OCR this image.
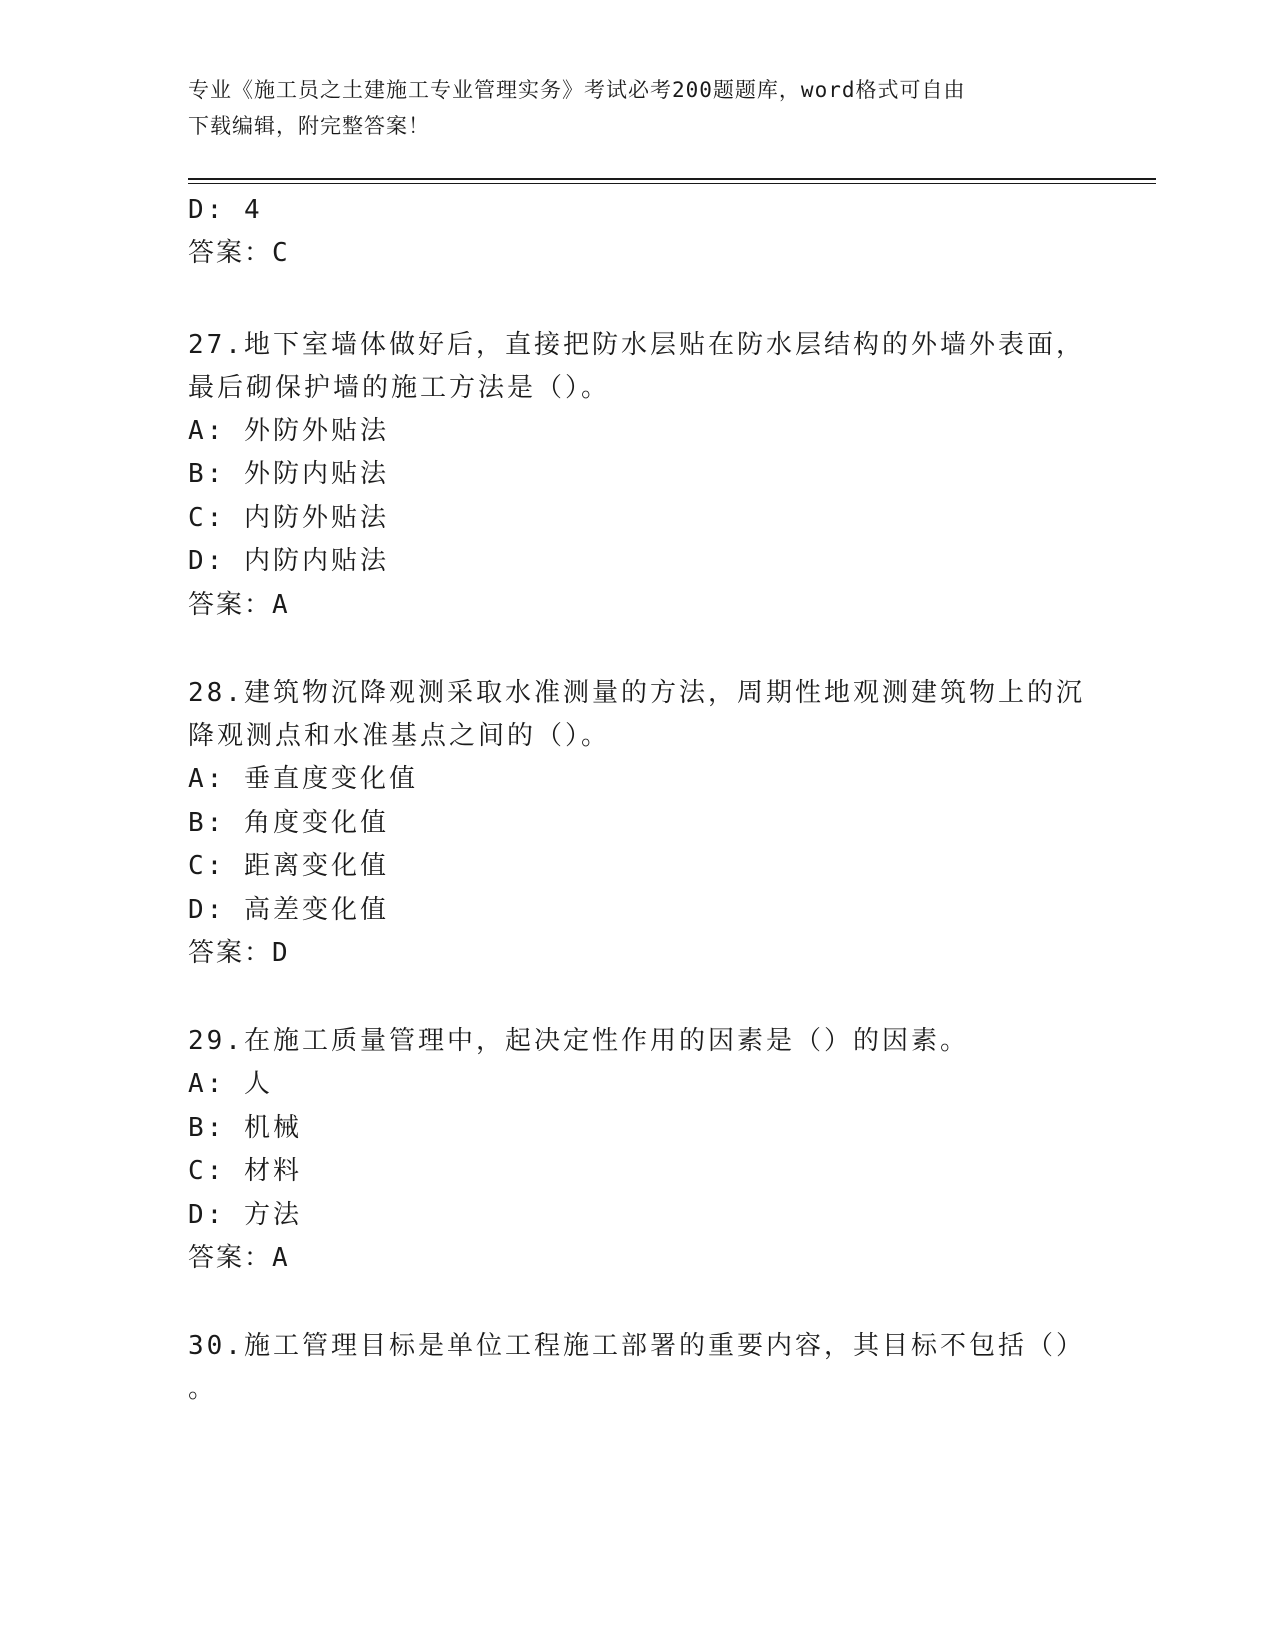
专业《施工员之土建施工专业管理实务》考试必考200题题库，word格式可自由
下载编辑，附完整答案！
D: 4
答案：C
27.地下室墙体做好后，直接把防水层贴在防水层结构的外墙外表面，
最后砌保护墙的施工方法是（）。
A: 外防外贴法
B: 外防内贴法
C: 内防外贴法
D: 内防内贴法
答案：A
28.建筑物沉降观测采取水准测量的方法，周期性地观测建筑物上的沉
降观测点和水准基点之间的（）。
A: 垂直度变化值
B: 角度变化值
C: 距离变化值
D: 高差变化值
答案：D
29.在施工质量管理中，起决定性作用的因素是（）的因素。
A: 人
B: 机械
C: 材料
D: 方法
答案：A
30.施工管理目标是单位工程施工部署的重要内容，其目标不包括（）
。
